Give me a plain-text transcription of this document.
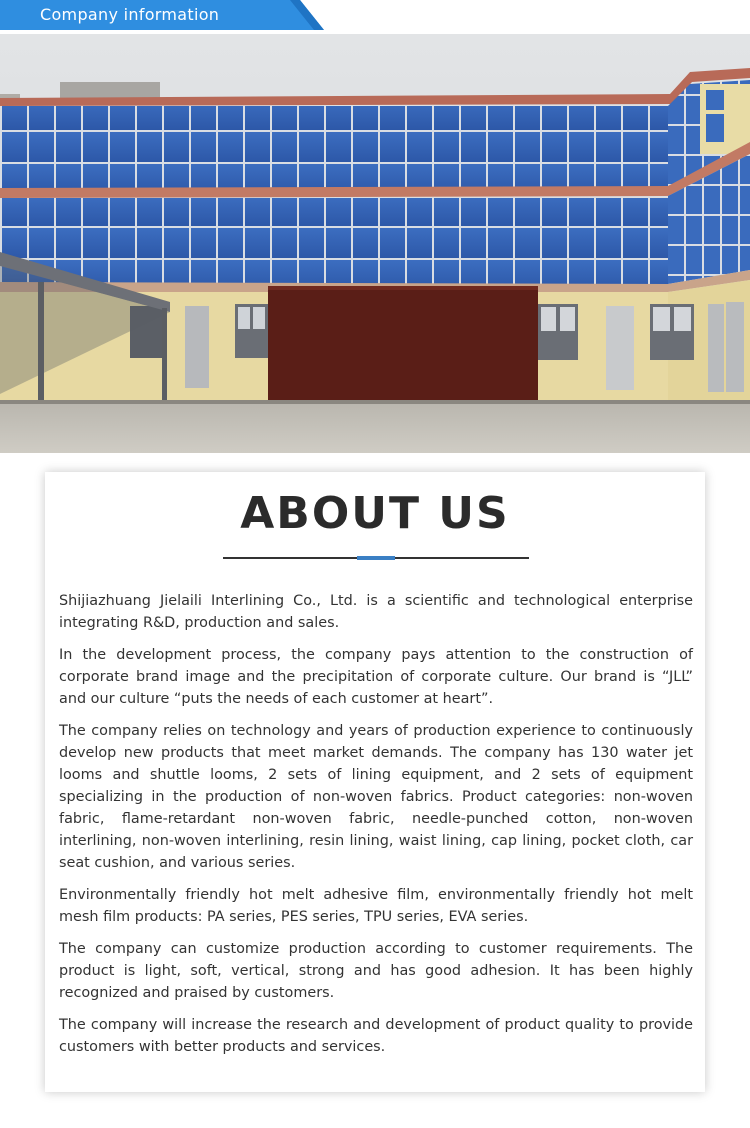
Company information
ABOUT US

Shijiazhuang Jielaili Interlining Co., Ltd. is a scientific and technological enterprise integrating R&D, production and sales.

In the development process, the company pays attention to the construction of corporate brand image and the precipitation of corporate culture. Our brand is “JLL” and our culture “puts the needs of each customer at heart”.

The company relies on technology and years of production experience to continuously develop new products that meet market demands. The company has 130 water jet looms and shuttle looms, 2 sets of lining equipment, and 2 sets of equipment specializing in the production of non-woven fabrics. Product categories: non-woven fabric, flame-retardant non-woven fabric, needle-punched cotton, non-woven interlining, non-woven interlining, resin lining, waist lining, cap lining, pocket cloth, car seat cushion, and various series.

Environmentally friendly hot melt adhesive film, environmentally friendly hot melt mesh film products: PA series, PES series, TPU series, EVA series.

The company can customize production according to customer requirements. The product is light, soft, vertical, strong and has good adhesion. It has been highly recognized and praised by customers.

The company will increase the research and development of product quality to provide customers with better products and services.
